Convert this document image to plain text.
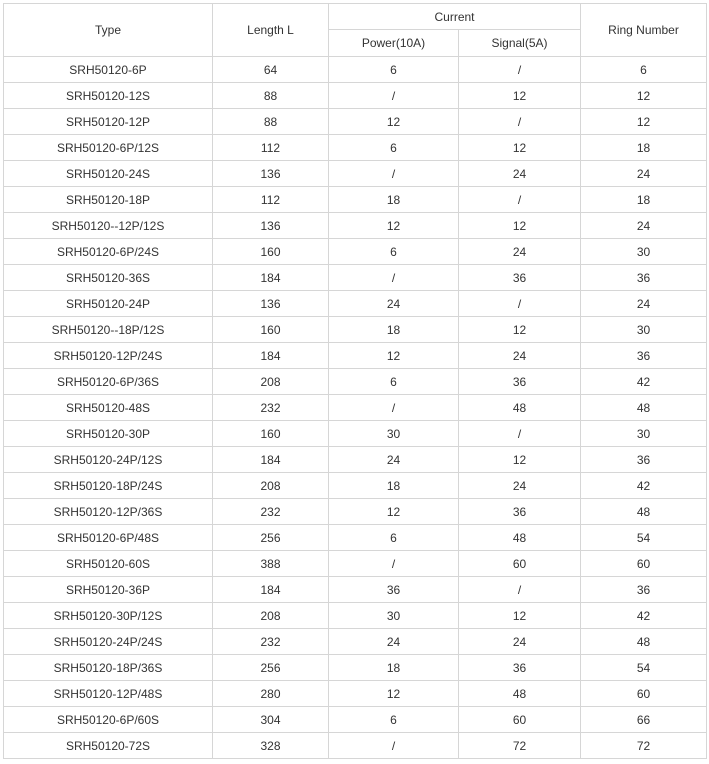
Type	Length L	Current		Ring Number
		Power(10A)	Signal(5A)	
SRH50120-6P	64	6	/	6
SRH50120-12S	88	/	12	12
SRH50120-12P	88	12	/	12
SRH50120-6P/12S	112	6	12	18
SRH50120-24S	136	/	24	24
SRH50120-18P	112	18	/	18
SRH50120--12P/12S	136	12	12	24
SRH50120-6P/24S	160	6	24	30
SRH50120-36S	184	/	36	36
SRH50120-24P	136	24	/	24
SRH50120--18P/12S	160	18	12	30
SRH50120-12P/24S	184	12	24	36
SRH50120-6P/36S	208	6	36	42
SRH50120-48S	232	/	48	48
SRH50120-30P	160	30	/	30
SRH50120-24P/12S	184	24	12	36
SRH50120-18P/24S	208	18	24	42
SRH50120-12P/36S	232	12	36	48
SRH50120-6P/48S	256	6	48	54
SRH50120-60S	388	/	60	60
SRH50120-36P	184	36	/	36
SRH50120-30P/12S	208	30	12	42
SRH50120-24P/24S	232	24	24	48
SRH50120-18P/36S	256	18	36	54
SRH50120-12P/48S	280	12	48	60
SRH50120-6P/60S	304	6	60	66
SRH50120-72S	328	/	72	72
